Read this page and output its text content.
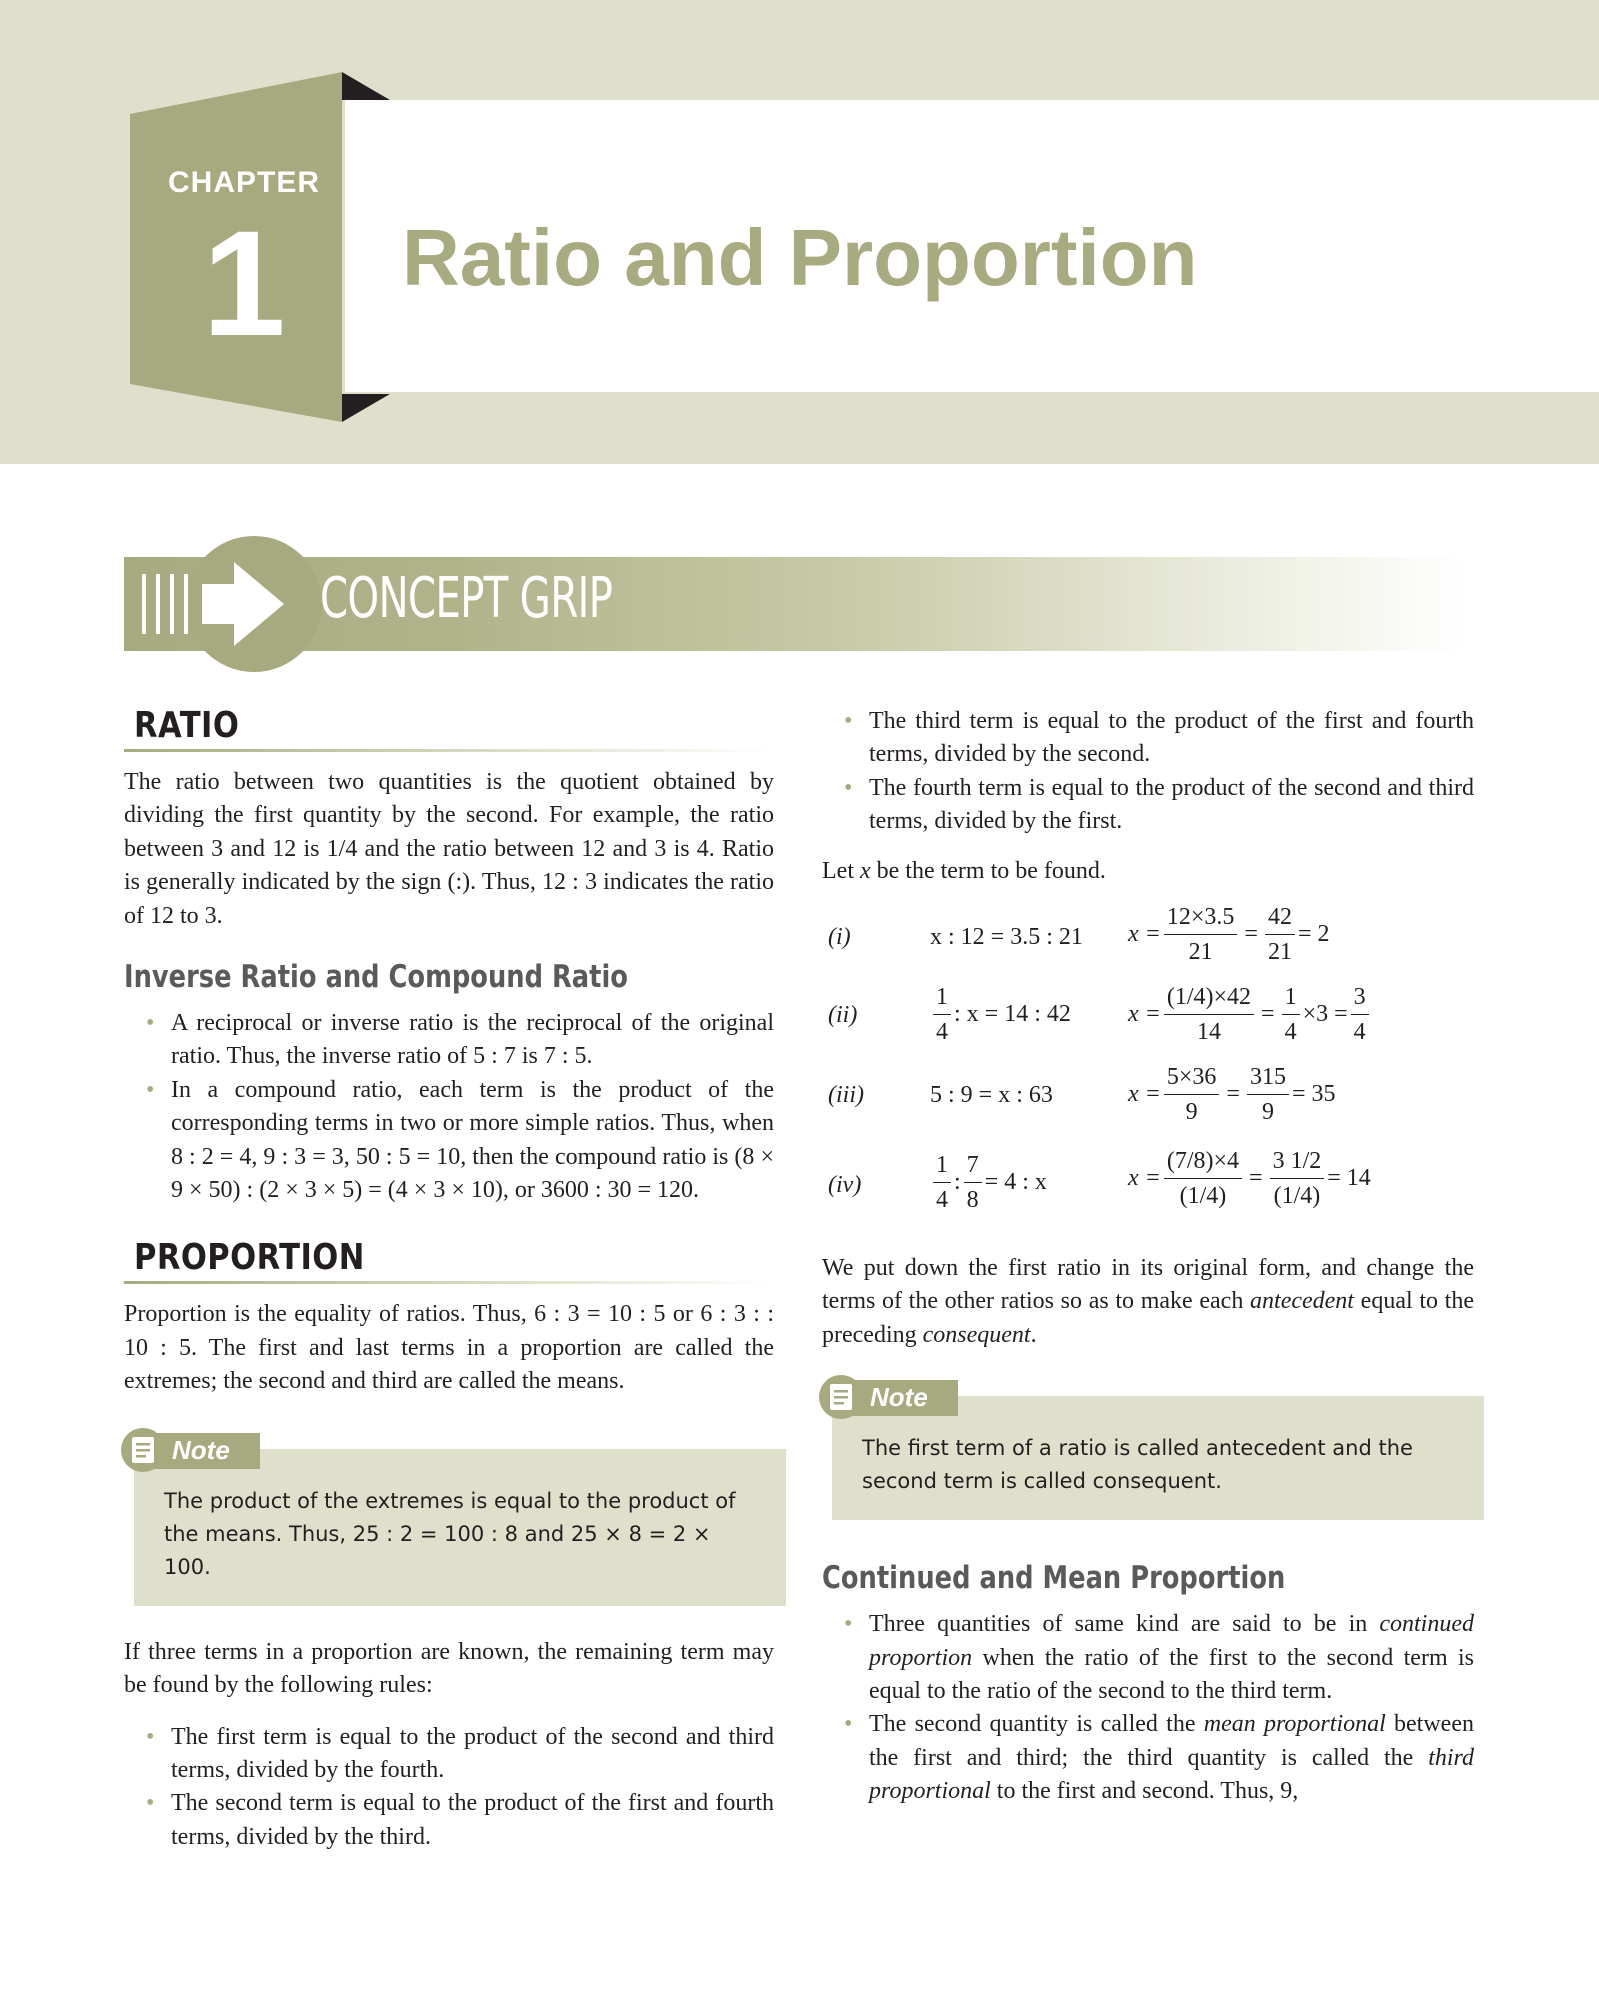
CHAPTER
1	Ratio and Proportion
CONCEPT GRIP
RATIO

The ratio between two quantities is the quotient obtained by dividing the first quantity by the second. For example, the ratio between 3 and 12 is 1/4 and the ratio between 12 and 3 is 4. Ratio is generally indicated by the sign (:). Thus, 12 : 3 indicates the ratio of 12 to 3.

Inverse Ratio and Compound Ratio
• A reciprocal or inverse ratio is the reciprocal of the original ratio. Thus, the inverse ratio of 5 : 7 is 7 : 5.
• In a compound ratio, each term is the product of the corresponding terms in two or more simple ratios. Thus, when 8 : 2 = 4, 9 : 3 = 3, 50 : 5 = 10, then the compound ratio is (8 × 9 × 50) : (2 × 3 × 5) = (4 × 3 × 10), or 3600 : 30 = 120.
PROPORTION

Proportion is the equality of ratios. Thus, 6 : 3 = 10 : 5 or 6 : 3 : : 10 : 5. The first and last terms in a proportion are called the extremes; the second and third are called the means.

Note
The product of the extremes is equal to the product of the means. Thus, 25 : 2 = 100 : 8 and 25 × 8 = 2 × 100.

If three terms in a proportion are known, the remaining term may be found by the following rules:

• The first term is equal to the product of the second and third terms, divided by the fourth.
• The second term is equal to the product of the first and fourth terms, divided by the third.
• The third term is equal to the product of the first and fourth terms, divided by the second.
• The fourth term is equal to the product of the second and third terms, divided by the first.

Let x be the term to be found.

(i)	x : 12 = 3.5 : 21 $x = \frac{12\times 3.5}{21} = \frac{42}{21} = 2$
(ii)	$\frac{1}{4}$ : x = 14 : 42 $x = \frac{(1/4)\times 42}{14} = \frac{1}{4} \times 3 = \frac{3}{4}$
(iii)	5 : 9 = x : 63	$x = \frac{5\times 36}{9} = \frac{315}{9} = 35$
(iv)	$\frac{1}{4}$ : $\frac{7}{8} = 4$ : x	$x = \frac{(7/8)\times 4}{(1/4)} = \frac{3 1/2}{(1/4)} = 14$

We put down the first ratio in its original form, and change the terms of the other ratios so as to make each antecedent equal to the preceding consequent.

Note
The first term of a ratio is called antecedent and the second term is called consequent.
Continued and Mean Proportion
• Three quantities of same kind are said to be in continued proportion when the ratio of the first to the second term is equal to the ratio of the second to the third term.
• The second quantity is called the mean proportional between the first and third; the third quantity is called the third proportional to the first and second. Thus, 9,
